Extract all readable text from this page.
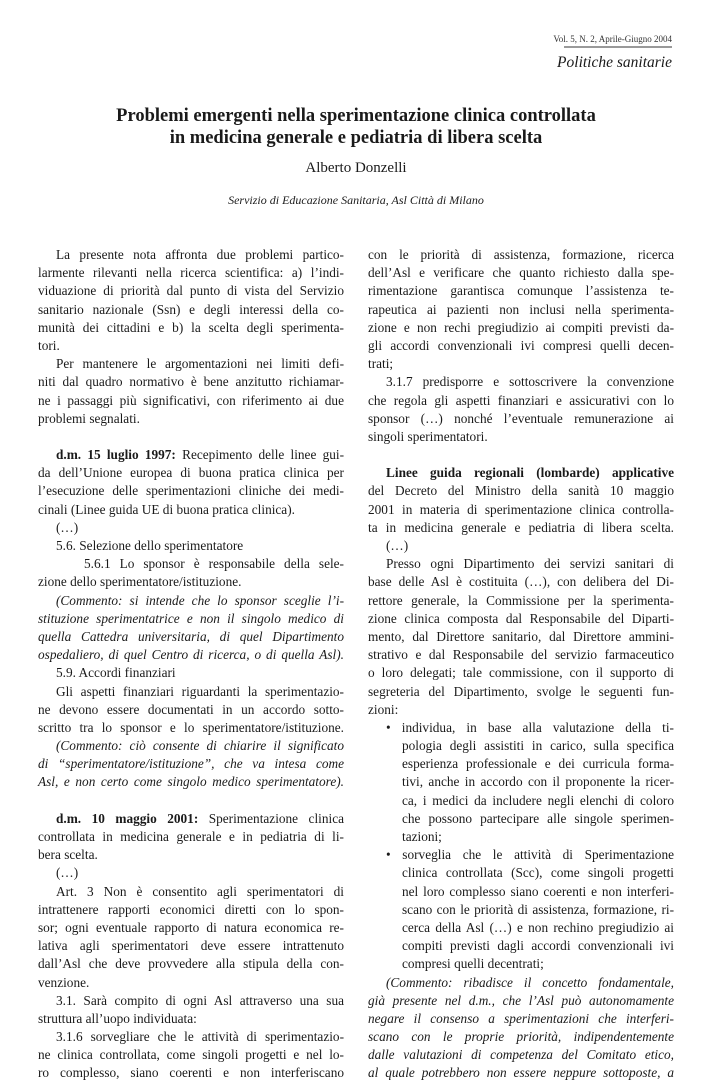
Vol. 5, N. 2, Aprile-Giugno 2004
Politiche sanitarie
Problemi emergenti nella sperimentazione clinica controllata
in medicina generale e pediatria di libera scelta
Alberto Donzelli
Servizio di Educazione Sanitaria, Asl Città di Milano
La presente nota affronta due problemi partico-
larmente rilevanti nella ricerca scientifica: a) l’indi-
viduazione di priorità dal punto di vista del Servizio
sanitario nazionale (Ssn) e degli interessi della co-
munità dei cittadini e b) la scelta degli sperimenta-
tori.
Per mantenere le argomentazioni nei limiti defi-
niti dal quadro normativo è bene anzitutto richiamar-
ne i passaggi più significativi, con riferimento ai due
problemi segnalati.
d.m. 15 luglio 1997: Recepimento delle linee gui-
da dell’Unione europea di buona pratica clinica per
l’esecuzione delle sperimentazioni cliniche dei medi-
cinali (Linee guida UE di buona pratica clinica).
(…)
5.6. Selezione dello sperimentatore
5.6.1 Lo sponsor è responsabile della sele-
zione dello sperimentatore/istituzione.
(Commento: si intende che lo sponsor sceglie l’i-
stituzione sperimentatrice e non il singolo medico di
quella Cattedra universitaria, di quel Dipartimento
ospedaliero, di quel Centro di ricerca, o di quella Asl).
5.9. Accordi finanziari
Gli aspetti finanziari riguardanti la sperimentazio-
ne devono essere documentati in un accordo sotto-
scritto tra lo sponsor e lo sperimentatore/istituzione.
(Commento: ciò consente di chiarire il significato
di “sperimentatore/istituzione”, che va intesa come
Asl, e non certo come singolo medico sperimentatore).
d.m. 10 maggio 2001: Sperimentazione clinica
controllata in medicina generale e in pediatria di li-
bera scelta.
(…)
Art. 3 Non è consentito agli sperimentatori di
intrattenere rapporti economici diretti con lo spon-
sor; ogni eventuale rapporto di natura economica re-
lativa agli sperimentatori deve essere intrattenuto
dall’Asl che deve provvedere alla stipula della con-
venzione.
3.1. Sarà compito di ogni Asl attraverso una sua
struttura all’uopo individuata:
3.1.6 sorvegliare che le attività di sperimentazio-
ne clinica controllata, come singoli progetti e nel lo-
ro complesso, siano coerenti e non interferiscano
con le priorità di assistenza, formazione, ricerca
dell’Asl e verificare che quanto richiesto dalla spe-
rimentazione garantisca comunque l’assistenza te-
rapeutica ai pazienti non inclusi nella sperimenta-
zione e non rechi pregiudizio ai compiti previsti da-
gli accordi convenzionali ivi compresi quelli decen-
trati;
3.1.7 predisporre e sottoscrivere la convenzione
che regola gli aspetti finanziari e assicurativi con lo
sponsor (…) nonché l’eventuale remunerazione ai
singoli sperimentatori.
Linee guida regionali (lombarde) applicative
del Decreto del Ministro della sanità 10 maggio
2001 in materia di sperimentazione clinica controlla-
ta in medicina generale e pediatria di libera scelta.
(…)
Presso ogni Dipartimento dei servizi sanitari di
base delle Asl è costituita (…), con delibera del Di-
rettore generale, la Commissione per la sperimenta-
zione clinica composta dal Responsabile del Diparti-
mento, dal Direttore sanitario, dal Direttore ammini-
strativo e dal Responsabile del servizio farmaceutico
o loro delegati; tale commissione, con il supporto di
segreteria del Dipartimento, svolge le seguenti fun-
zioni:
• individua, in base alla valutazione della ti-
pologia degli assistiti in carico, sulla specifica
esperienza professionale e dei curricula forma-
tivi, anche in accordo con il proponente la ricer-
ca, i medici da includere negli elenchi di coloro
che possono partecipare alle singole sperimen-
tazioni;
• sorveglia che le attività di Sperimentazione
clinica controllata (Scc), come singoli progetti
nel loro complesso siano coerenti e non interferi-
scano con le priorità di assistenza, formazione, ri-
cerca della Asl (…) e non rechino pregiudizio ai
compiti previsti dagli accordi convenzionali ivi
compresi quelli decentrati;
(Commento: ribadisce il concetto fondamentale,
già presente nel d.m., che l’Asl può autonomamente
negare il consenso a sperimentazioni che interferi-
scano con le proprie priorità, indipendentemente
dalle valutazioni di competenza del Comitato etico,
al quale potrebbero non essere neppure sottoposte, a
